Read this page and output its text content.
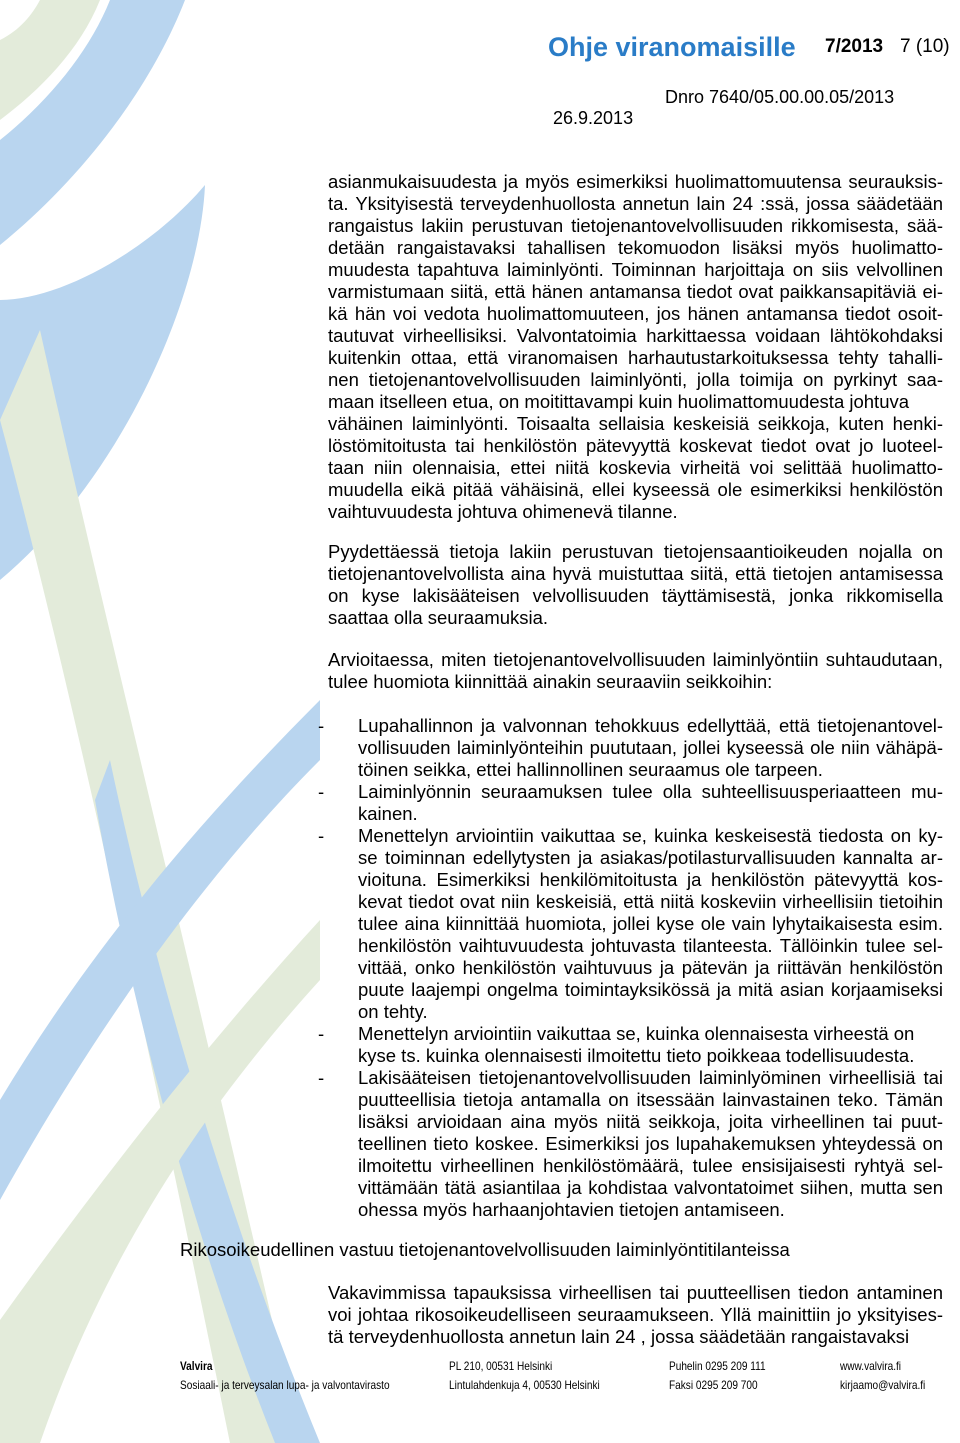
Ohje viranomaisille 7/2013 7 (10)
Dnro 7640/05.00.00.05/2013
26.9.2013
asianmukaisuudesta ja myös esimerkiksi huolimattomuutensa seurauksis-
ta. Yksityisestä terveydenhuollosta annetun lain 24 :ssä, jossa säädetään
rangaistus lakiin perustuvan tietojenantovelvollisuuden rikkomisesta, sää-
detään rangaistavaksi tahallisen tekomuodon lisäksi myös huolimatto-
muudesta tapahtuva laiminlyönti. Toiminnan harjoittaja on siis velvollinen
varmistumaan siitä, että hänen antamansa tiedot ovat paikkansapitäviä ei-
kä hän voi vedota huolimattomuuteen, jos hänen antamansa tiedot osoit-
tautuvat virheellisiksi. Valvontatoimia harkittaessa voidaan lähtökohdaksi
kuitenkin ottaa, että viranomaisen harhautustarkoituksessa tehty tahalli-
nen tietojenantovelvollisuuden laiminlyönti, jolla toimija on pyrkinyt saa-
maan itselleen etua, on moitittavampi kuin huolimattomuudesta johtuva
vähäinen laiminlyönti. Toisaalta sellaisia keskeisiä seikkoja, kuten henki-
löstömitoitusta tai henkilöstön pätevyyttä koskevat tiedot ovat jo luoteel-
taan niin olennaisia, ettei niitä koskevia virheitä voi selittää huolimatto-
muudella eikä pitää vähäisinä, ellei kyseessä ole esimerkiksi henkilöstön
vaihtuvuudesta johtuva ohimenevä tilanne.
Pyydettäessä tietoja lakiin perustuvan tietojensaantioikeuden nojalla on
tietojenantovelvollista aina hyvä muistuttaa siitä, että tietojen antamisessa
on kyse lakisääteisen velvollisuuden täyttämisestä, jonka rikkomisella
saattaa olla seuraamuksia.
Arvioitaessa, miten tietojenantovelvollisuuden laiminlyöntiin suhtaudutaan,
tulee huomiota kiinnittää ainakin seuraaviin seikkoihin:
- Lupahallinnon ja valvonnan tehokkuus edellyttää, että tietojenantovel-
vollisuuden laiminlyönteihin puututaan, jollei kyseessä ole niin vähäpä-
töinen seikka, ettei hallinnollinen seuraamus ole tarpeen.
- Laiminlyönnin seuraamuksen tulee olla suhteellisuusperiaatteen mu-
kainen.
- Menettelyn arviointiin vaikuttaa se, kuinka keskeisestä tiedosta on ky-
se toiminnan edellytysten ja asiakas/potilasturvallisuuden kannalta ar-
vioituna. Esimerkiksi henkilömitoitusta ja henkilöstön pätevyyttä kos-
kevat tiedot ovat niin keskeisiä, että niitä koskeviin virheellisiin tietoihin
tulee aina kiinnittää huomiota, jollei kyse ole vain lyhytaikaisesta esim.
henkilöstön vaihtuvuudesta johtuvasta tilanteesta. Tällöinkin tulee sel-
vittää, onko henkilöstön vaihtuvuus ja pätevän ja riittävän henkilöstön
puute laajempi ongelma toimintayksikössä ja mitä asian korjaamiseksi
on tehty.
- Menettelyn arviointiin vaikuttaa se, kuinka olennaisesta virheestä on
kyse ts. kuinka olennaisesti ilmoitettu tieto poikkeaa todellisuudesta.
- Lakisääteisen tietojenantovelvollisuuden laiminlyöminen virheellisiä tai
puutteellisia tietoja antamalla on itsessään lainvastainen teko. Tämän
lisäksi arvioidaan aina myös niitä seikkoja, joita virheellinen tai puut-
teellinen tieto koskee. Esimerkiksi jos lupahakemuksen yhteydessä on
ilmoitettu virheellinen henkilöstömäärä, tulee ensisijaisesti ryhtyä sel-
vittämään tätä asiantilaa ja kohdistaa valvontatoimet siihen, mutta sen
ohessa myös harhaanjohtavien tietojen antamiseen.
Rikosoikeudellinen vastuu tietojenantovelvollisuuden laiminlyöntitilanteissa
Vakavimmissa tapauksissa virheellisen tai puutteellisen tiedon antaminen
voi johtaa rikosoikeudelliseen seuraamukseen. Yllä mainittiin jo yksityises-
tä terveydenhuollosta annetun lain 24 , jossa säädetään rangaistavaksi
Valvira
Sosiaali- ja terveysalan lupa- ja valvontavirasto
PL 210, 00531 Helsinki
Lintulahdenkuja 4, 00530 Helsinki
Puhelin 0295 209 111
Faksi 0295 209 700
www.valvira.fi
kirjaamo@valvira.fi
